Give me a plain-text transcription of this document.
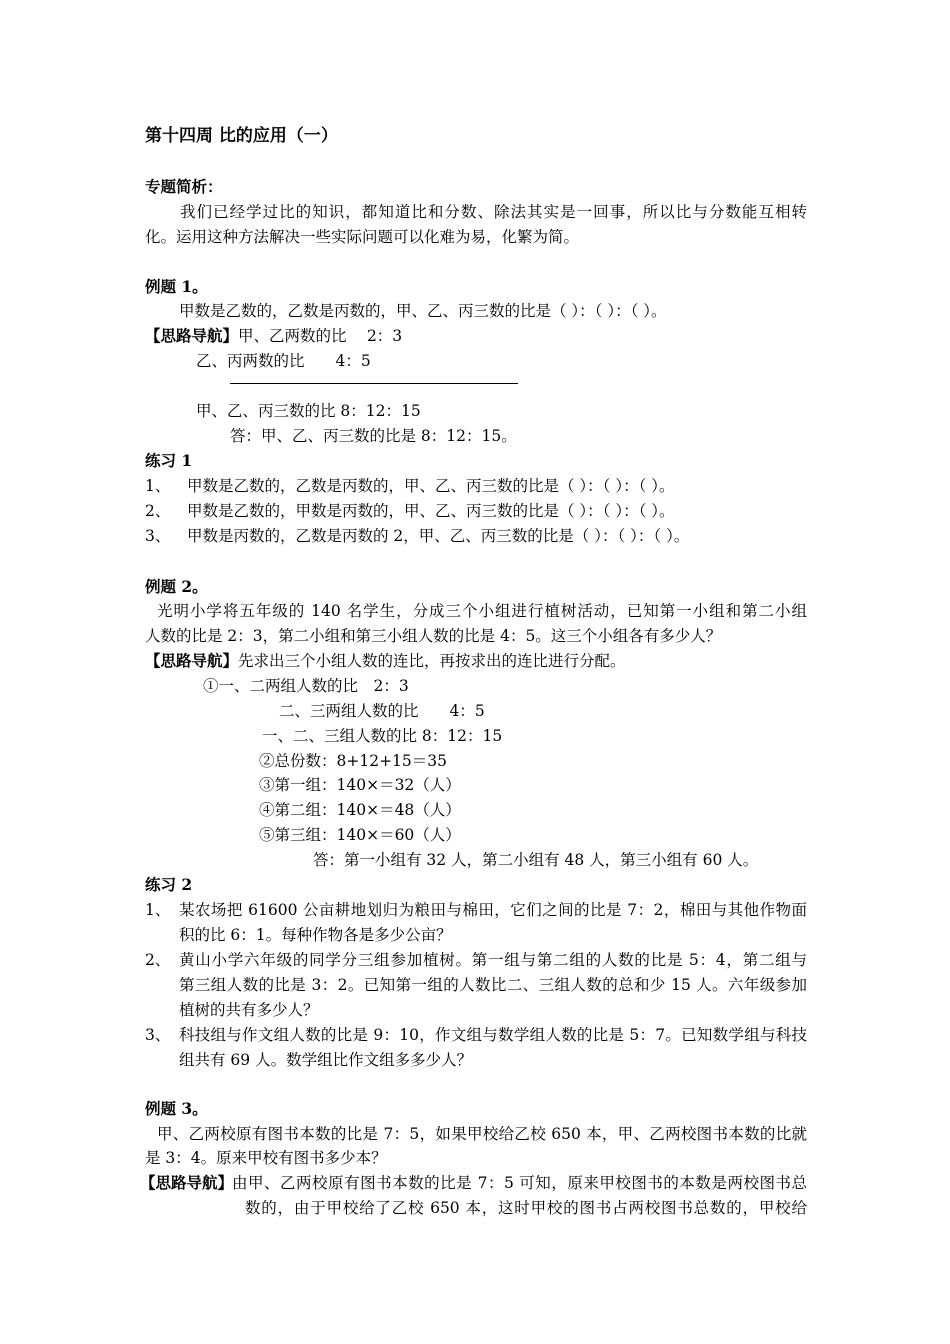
第十四周 比的应用（一）
专题简析：
我们已经学过比的知识，都知道比和分数、除法其实是一回事，所以比与分数能互相转
化。运用这种方法解决一些实际问题可以化难为易，化繁为简。
例题 1。
甲数是乙数的，乙数是丙数的，甲、乙、丙三数的比是（ ）：（ ）：（ ）。
【思路导航】甲、乙两数的比　 2：3
乙、丙两数的比　　4：5
甲、乙、丙三数的比 8：12：15
答：甲、乙、丙三数的比是 8：12：15。
练习 1
1、 甲数是乙数的，乙数是丙数的，甲、乙、丙三数的比是（ ）：（ ）：（ ）。
2、 甲数是乙数的，甲数是丙数的，甲、乙、丙三数的比是（ ）：（ ）：（ ）。
3、 甲数是丙数的，乙数是丙数的 2，甲、乙、丙三数的比是（ ）：（ ）：（ ）。
例题 2。
光明小学将五年级的 140 名学生，分成三个小组进行植树活动，已知第一小组和第二小组
人数的比是 2：3，第二小组和第三小组人数的比是 4：5。这三个小组各有多少人？
【思路导航】先求出三个小组人数的连比，再按求出的连比进行分配。
①一、二两组人数的比　2：3
二、三两组人数的比　　4：5
一、二、三组人数的比 8：12：15
②总份数：8+12+15＝35
③第一组：140×＝32（人）
④第二组：140×＝48（人）
⑤第三组：140×＝60（人）
答：第一小组有 32 人，第二小组有 48 人，第三小组有 60 人。
练习 2
1、 某农场把 61600 公亩耕地划归为粮田与棉田，它们之间的比是 7：2，棉田与其他作物面
积的比 6：1。每种作物各是多少公亩？
2、 黄山小学六年级的同学分三组参加植树。第一组与第二组的人数的比是 5：4，第二组与
第三组人数的比是 3：2。已知第一组的人数比二、三组人数的总和少 15 人。六年级参加
植树的共有多少人？
3、 科技组与作文组人数的比是 9：10，作文组与数学组人数的比是 5：7。已知数学组与科技
组共有 69 人。数学组比作文组多多少人？
例题 3。
甲、乙两校原有图书本数的比是 7：5，如果甲校给乙校 650 本，甲、乙两校图书本数的比就
是 3：4。原来甲校有图书多少本？
【思路导航】
由甲、乙两校原有图书本数的比是 7：5 可知，原来甲校图书的本数是两校图书总
数的，由于甲校给了乙校 650 本，这时甲校的图书占两校图书总数的，甲校给
